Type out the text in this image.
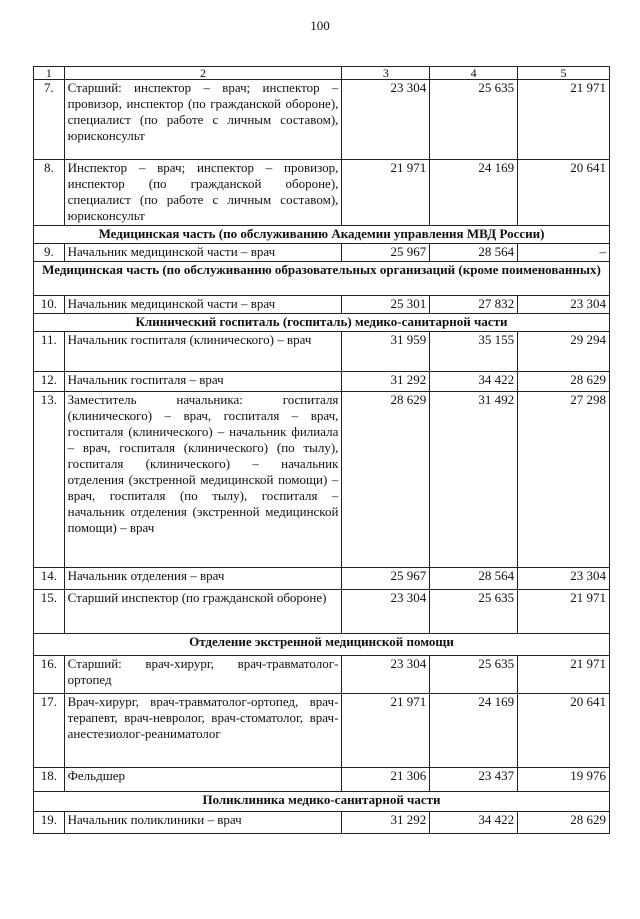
100
1	2	3	4	5
7.	Старший: инспектор – врач; инспектор – провизор, инспектор (по гражданской обороне), специалист (по работе с личным составом), юрисконсульт	23 304	25 635	21 971
8.	Инспектор – врач; инспектор – провизор, инспектор (по гражданской обороне), специалист (по работе с личным составом), юрисконсульт	21 971	24 169	20 641
Медицинская часть (по обслуживанию Академии управления МВД России)				
9.	Начальник медицинской части – врач	25 967	28 564	–
Медицинская часть (по обслуживанию образовательных организаций (кроме поименованных)				
10.	Начальник медицинской части – врач	25 301	27 832	23 304
Клинический госпиталь (госпиталь) медико-санитарной части				
11.	Начальник госпиталя (клинического) – врач	31 959	35 155	29 294
12.	Начальник госпиталя – врач	31 292	34 422	28 629
13.	Заместитель начальника: госпиталя (клинического) – врач, госпиталя – врач, госпиталя (клинического) – начальник филиала – врач, госпиталя (клинического) (по тылу), госпиталя (клинического) – начальник отделения (экстренной медицинской помощи) – врач, госпиталя (по тылу), госпиталя – начальник отделения (экстренной медицинской помощи) – врач	28 629	31 492	27 298
14.	Начальник отделения – врач	25 967	28 564	23 304
15.	Старший инспектор (по гражданской обороне)	23 304	25 635	21 971
Отделение экстренной медицинской помощи				
16.	Старший: врач-хирург, врач-травматолог-ортопед	23 304	25 635	21 971
17.	Врач-хирург, врач-травматолог-ортопед, врач-терапевт, врач-невролог, врач-стоматолог, врач-анестезиолог-реаниматолог	21 971	24 169	20 641
18.	Фельдшер	21 306	23 437	19 976
Поликлиника медико-санитарной части				
19.	Начальник поликлиники – врач	31 292	34 422	28 629
